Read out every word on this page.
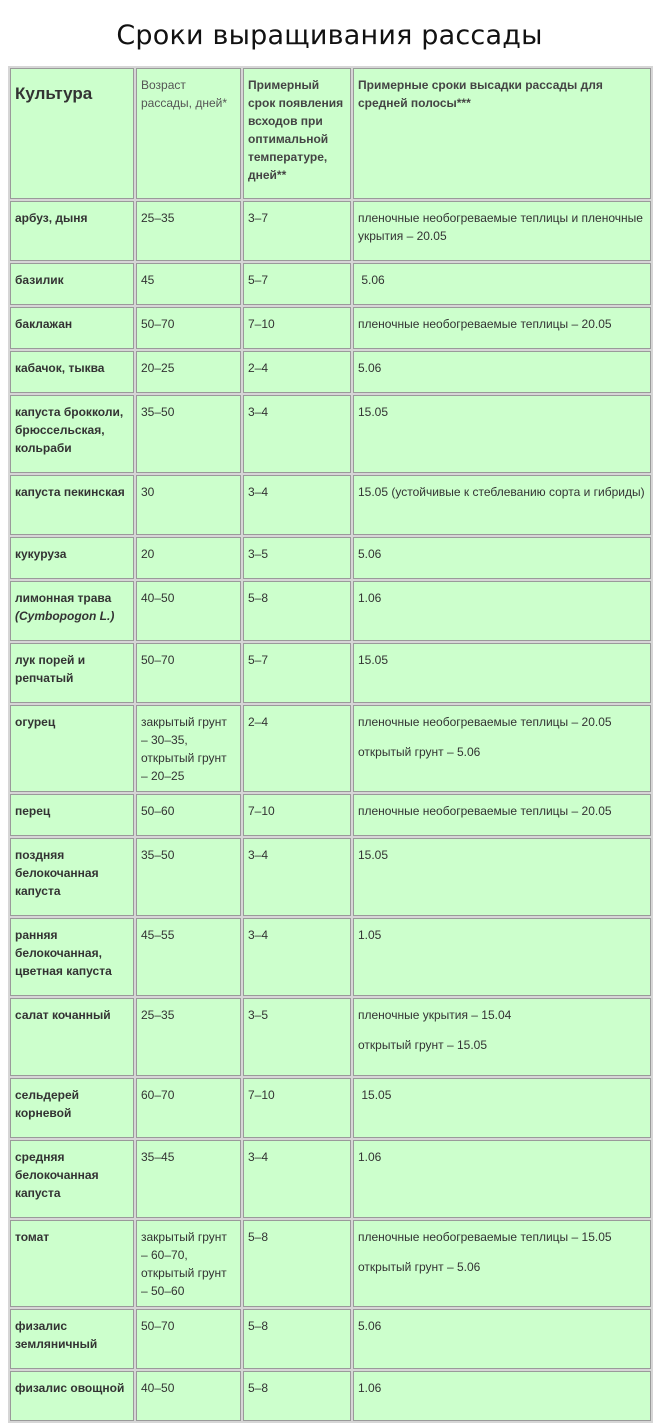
Сроки выращивания рассады
Культура	Возраст рассады, дней*	Примерный срок появления всходов при оптимальной температуре, дней**	Примерные сроки высадки рассады для средней полосы***
арбуз, дыня	25–35	3–7	пленочные необогреваемые теплицы и пленочные укрытия – 20.05

базилик	45	5–7	5.06

баклажан	50–70	7–10	пленочные необогреваемые теплицы – 20.05

кабачок, тыква	20–25	2–4	5.06

капуста брокколи, брюссельская, кольраби	35–50	3–4	15.05

капуста пекинская	30	3–4	15.05 (устойчивые к стеблеванию сорта и гибриды)

кукуруза	20	3–5	5.06

лимонная трава (Cymbopogon L.)	40–50	5–8	1.06

лук порей и репчатый	50–70	5–7	15.05

огурец	закрытый грунт – 30–35, открытый грунт – 20–25	2–4	пленочные необогреваемые теплицы – 20.05
открытый грунт – 5.06

перец	50–60	7–10	пленочные необогреваемые теплицы – 20.05

поздняя белокочанная капуста	35–50	3–4	15.05

ранняя белокочанная, цветная капуста	45–55	3–4	1.05

салат кочанный	25–35	3–5	пленочные укрытия – 15.04
открытый грунт – 15.05

сельдерей корневой	60–70	7–10	15.05

средняя белокочанная капуста	35–45	3–4	1.06

томат	закрытый грунт – 60–70, открытый грунт – 50–60	5–8	пленочные необогреваемые теплицы – 15.05
открытый грунт – 5.06

физалис земляничный	50–70	5–8	5.06

физалис овощной	40–50	5–8	1.06
